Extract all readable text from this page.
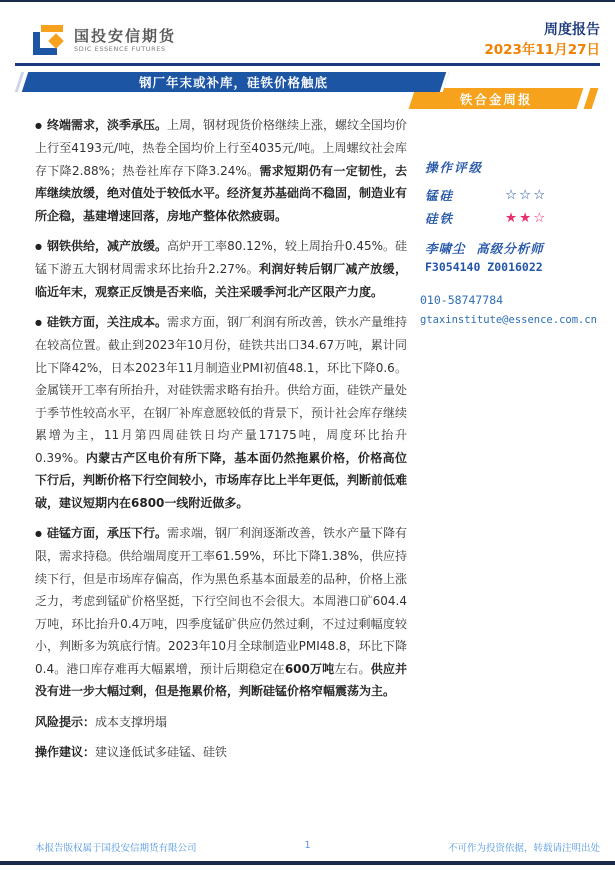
国投安信期货
SDIC ESSENCE FUTURES
周度报告
2023年11月27日
钢厂年末或补库，硅铁价格触底
铁合金周报
● 终端需求，淡季承压。上周，钢材现货价格继续上涨，螺纹全国均价上行至4193元/吨，热卷全国均价上行至4035元/吨。上周螺纹社会库存下降2.88%；热卷社库存下降3.24%。需求短期仍有一定韧性，去库继续放缓，绝对值处于较低水平。经济复苏基础尚不稳固，制造业有所企稳，基建增速回落，房地产整体依然疲弱。
● 钢铁供给，减产放缓。高炉开工率80.12%，较上周抬升0.45%。硅锰下游五大钢材周需求环比抬升2.27%。利润好转后钢厂减产放缓，临近年末，观察正反馈是否来临，关注采暖季河北产区限产力度。
● 硅铁方面，关注成本。需求方面，钢厂利润有所改善，铁水产量维持在较高位置。截止到2023年10月份，硅铁共出口34.67万吨，累计同比下降42%，日本2023年11月制造业PMI初值48.1，环比下降0.6。金属镁开工率有所抬升，对硅铁需求略有抬升。供给方面，硅铁产量处于季节性较高水平，在钢厂补库意愿较低的背景下，预计社会库存继续累增为主，11月第四周硅铁日均产量17175吨，周度环比抬升0.39%。内蒙古产区电价有所下降，基本面仍然拖累价格，价格高位下行后，判断价格下行空间较小，市场库存比上半年更低，判断前低难破，建议短期内在6800一线附近做多。
● 硅锰方面，承压下行。需求端，钢厂利润逐渐改善，铁水产量下降有限，需求持稳。供给端周度开工率61.59%，环比下降1.38%，供应持续下行，但是市场库存偏高，作为黑色系基本面最差的品种，价格上涨乏力，考虑到锰矿价格坚挺，下行空间也不会很大。本周港口矿604.4万吨，环比抬升0.4万吨，四季度锰矿供应仍然过剩，不过过剩幅度较小，判断多为筑底行情。2023年10月全球制造业PMI48.8，环比下降0.4。港口库存难再大幅累增，预计后期稳定在600万吨左右。供应并没有进一步大幅过剩，但是拖累价格，判断硅锰价格窄幅震荡为主。
风险提示：成本支撑坍塌
操作建议：建议逢低试多硅锰、硅铁
操作评级
锰硅	☆☆☆
硅铁	★★☆
李啸尘 高级分析师
F3054140 Z0016022
010-58747784
gtaxinstitute@essence.com.cn
本报告版权属于国投安信期货有限公司	1	不可作为投资依据，转载请注明出处
